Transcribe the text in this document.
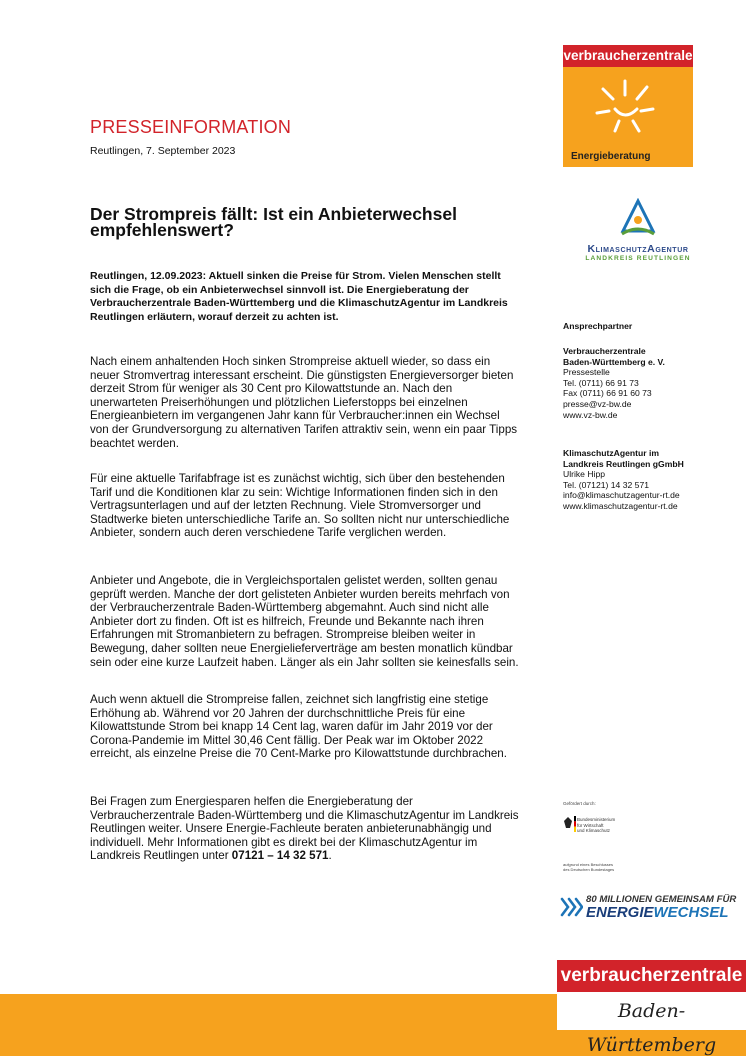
PRESSEINFORMATION
Reutlingen, 7. September 2023
Der Strompreis fällt: Ist ein Anbieterwechsel empfehlenswert?
Reutlingen, 12.09.2023: Aktuell sinken die Preise für Strom. Vielen Menschen stellt sich die Frage, ob ein Anbieterwechsel sinnvoll ist. Die Energieberatung der Verbraucherzentrale Baden-Württemberg und die KlimaschutzAgentur im Landkreis Reutlingen erläutern, worauf derzeit zu achten ist.

Nach einem anhaltenden Hoch sinken Strompreise aktuell wieder, so dass ein neuer Stromvertrag interessant erscheint. Die günstigsten Energieversorger bieten derzeit Strom für weniger als 30 Cent pro Kilowattstunde an. Nach den unerwarteten Preiserhöhungen und plötzlichen Lieferstopps bei einzelnen Energieanbietern im vergangenen Jahr kann für Verbraucher:innen ein Wechsel von der Grundversorgung zu alternativen Tarifen attraktiv sein, wenn ein paar Tipps beachtet werden.

Für eine aktuelle Tarifabfrage ist es zunächst wichtig, sich über den bestehenden Tarif und die Konditionen klar zu sein: Wichtige Informationen finden sich in den Vertragsunterlagen und auf der letzten Rechnung. Viele Stromversorger und Stadtwerke bieten unterschiedliche Tarife an. So sollten nicht nur unterschiedliche Anbieter, sondern auch deren verschiedene Tarife verglichen werden.

Anbieter und Angebote, die in Vergleichsportalen gelistet werden, sollten genau geprüft werden. Manche der dort gelisteten Anbieter wurden bereits mehrfach von der Verbraucherzentrale Baden-Württemberg abgemahnt. Auch sind nicht alle Anbieter dort zu finden. Oft ist es hilfreich, Freunde und Bekannte nach ihren Erfahrungen mit Stromanbietern zu befragen. Strompreise bleiben weiter in Bewegung, daher sollten neue Energielieferverträge am besten monatlich kündbar sein oder eine kurze Laufzeit haben. Länger als ein Jahr sollten sie keinesfalls sein.

Auch wenn aktuell die Strompreise fallen, zeichnet sich langfristig eine stetige Erhöhung ab. Während vor 20 Jahren der durchschnittliche Preis für eine Kilowattstunde Strom bei knapp 14 Cent lag, waren dafür im Jahr 2019 vor der Corona-Pandemie im Mittel 30,46 Cent fällig. Der Peak war im Oktober 2022 erreicht, als einzelne Preise die 70 Cent-Marke pro Kilowattstunde durchbrachen.

Bei Fragen zum Energiesparen helfen die Energieberatung der Verbraucherzentrale Baden-Württemberg und die KlimaschutzAgentur im Landkreis Reutlingen weiter. Unsere Energie-Fachleute beraten anbieterunabhängig und individuell. Mehr Informationen gibt es direkt bei der KlimaschutzAgentur im Landkreis Reutlingen unter 07121 – 14 32 571.

verbraucherzentrale
Energieberatung
KlimaschutzAgentur
LANDKREIS REUTLINGEN
Ansprechpartner
Verbraucherzentrale
Baden-Württemberg e. V.
Pressestelle
Tel. (0711) 66 91 73
Fax (0711) 66 91 60 73
presse@vz-bw.de
www.vz-bw.de
KlimaschutzAgentur im
Landkreis Reutlingen gGmbH
Ulrike Hipp
Tel. (07121) 14 32 571
info@klimaschutzagentur-rt.de
www.klimaschutzagentur-rt.de
Gefördert durch:
Bundesministerium
für Wirtschaft
und Klimaschutz
aufgrund eines Beschlusses
des Deutschen Bundestages
80 MILLIONEN GEMEINSAM FÜR
ENERGIEWECHSEL
verbraucherzentrale
Baden-Württemberg
